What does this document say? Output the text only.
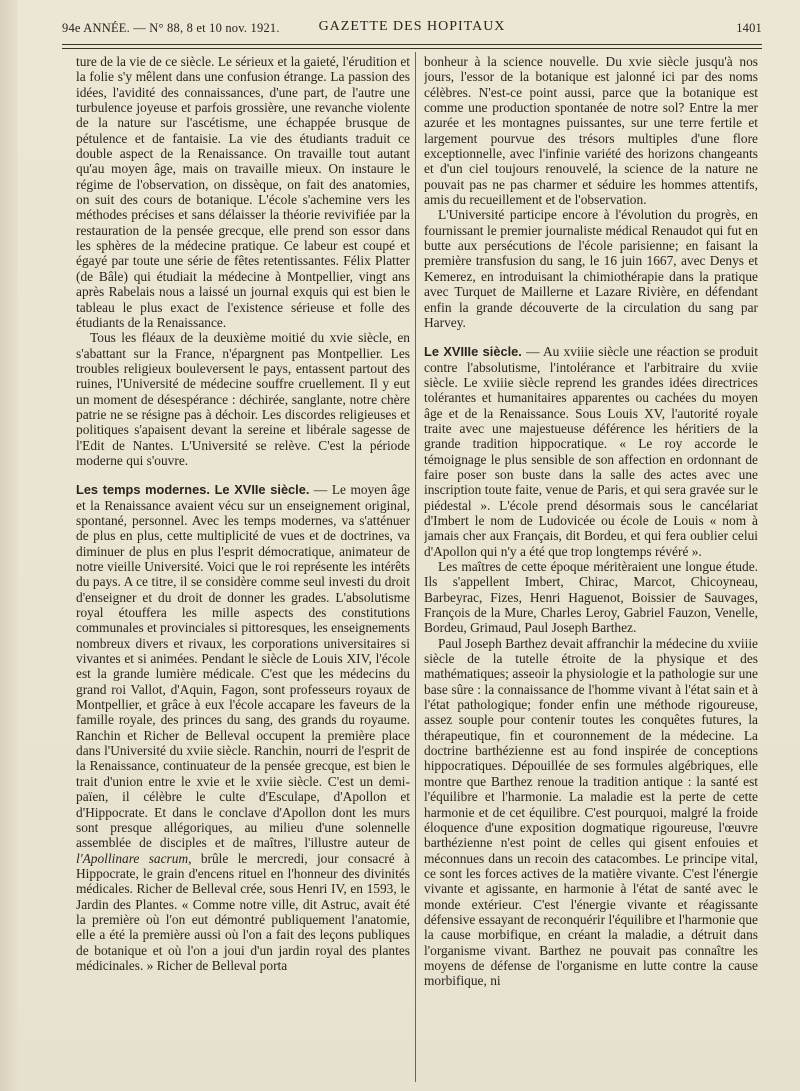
94e ANNÉE. — N° 88, 8 et 10 nov. 1921.	GAZETTE DES HOPITAUX	1401

ture de la vie de ce siècle. Le sérieux et la gaieté, l'érudition et la folie s'y mêlent dans une confusion étrange. La passion des idées, l'avidité des connaissances, d'une part, de l'autre une turbulence joyeuse et parfois grossière, une revanche violente de la nature sur l'ascétisme, une échappée brusque de pétulence et de fantaisie. La vie des étudiants traduit ce double aspect de la Renaissance. On travaille tout autant qu'au moyen âge, mais on travaille mieux. On instaure le régime de l'observation, on dissèque, on fait des anatomies, on suit des cours de botanique. L'école s'achemine vers les méthodes précises et sans délaisser la théorie revivifiée par la restauration de la pensée grecque, elle prend son essor dans les sphères de la médecine pratique. Ce labeur est coupé et égayé par toute une série de fêtes retentissantes. Félix Platter (de Bâle) qui étudiait la médecine à Montpellier, vingt ans après Rabelais nous a laissé un journal exquis qui est bien le tableau le plus exact de l'existence sérieuse et folle des étudiants de la Renaissance.

Tous les fléaux de la deuxième moitié du xvie siècle, en s'abattant sur la France, n'épargnent pas Montpellier. Les troubles religieux bouleversent le pays, entassent partout des ruines, l'Université de médecine souffre cruellement. Il y eut un moment de désespérance : déchirée, sanglante, notre chère patrie ne se résigne pas à déchoir. Les discordes religieuses et politiques s'apaisent devant la sereine et libérale sagesse de l'Edit de Nantes. L'Université se relève. C'est la période moderne qui s'ouvre.

Les temps modernes. Le XVIIe siècle. — Le moyen âge et la Renaissance avaient vécu sur un enseignement original, spontané, personnel. Avec les temps modernes, va s'atténuer de plus en plus, cette multiplicité de vues et de doctrines, va diminuer de plus en plus l'esprit démocratique, animateur de notre vieille Université. Voici que le roi représente les intérêts du pays. A ce titre, il se considère comme seul investi du droit d'enseigner et du droit de donner les grades. L'absolutisme royal étouffera les mille aspects des constitutions communales et provinciales si pittoresques, les enseignements nombreux divers et rivaux, les corporations universitaires si vivantes et si animées. Pendant le siècle de Louis XIV, l'école est la grande lumière médicale. C'est que les médecins du grand roi Vallot, d'Aquin, Fagon, sont professeurs royaux de Montpellier, et grâce à eux l'école accapare les faveurs de la famille royale, des princes du sang, des grands du royaume. Ranchin et Richer de Belleval occupent la première place dans l'Université du xviie siècle. Ranchin, nourri de l'esprit de la Renaissance, continuateur de la pensée grecque, est bien le trait d'union entre le xvie et le xviie siècle. C'est un demi-païen, il célèbre le culte d'Esculape, d'Apollon et d'Hippocrate. Et dans le conclave d'Apollon dont les murs sont presque allégoriques, au milieu d'une solennelle assemblée de disciples et de maîtres, l'illustre auteur de l'Apollinare sacrum, brûle le mercredi, jour consacré à Hippocrate, le grain d'encens rituel en l'honneur des divinités médicales. Richer de Belleval crée, sous Henri IV, en 1593, le Jardin des Plantes. « Comme notre ville, dit Astruc, avait été la première où l'on eut démontré publiquement l'anatomie, elle a été la première aussi où l'on a fait des leçons publiques de botanique et où l'on a joui d'un jardin royal des plantes médicinales. » Richer de Belleval porta

bonheur à la science nouvelle. Du xvie siècle jusqu'à nos jours, l'essor de la botanique est jalonné ici par des noms célèbres. N'est-ce point aussi, parce que la botanique est comme une production spontanée de notre sol? Entre la mer azurée et les montagnes puissantes, sur une terre fertile et largement pourvue des trésors multiples d'une flore exceptionnelle, avec l'infinie variété des horizons changeants et d'un ciel toujours renouvelé, la science de la nature ne pouvait pas ne pas charmer et séduire les hommes attentifs, amis du recueillement et de l'observation.

L'Université participe encore à l'évolution du progrès, en fournissant le premier journaliste médical Renaudot qui fut en butte aux persécutions de l'école parisienne; en faisant la première transfusion du sang, le 16 juin 1667, avec Denys et Kemerez, en introduisant la chimiothérapie dans la pratique avec Turquet de Maillerne et Lazare Rivière, en défendant enfin la grande découverte de la circulation du sang par Harvey.

Le XVIIIe siècle. — Au xviiie siècle une réaction se produit contre l'absolutisme, l'intolérance et l'arbitraire du xviie siècle. Le xviiie siècle reprend les grandes idées directrices tolérantes et humanitaires apparentes ou cachées du moyen âge et de la Renaissance. Sous Louis XV, l'autorité royale traite avec une majestueuse déférence les héritiers de la grande tradition hippocratique. « Le roy accorde le témoignage le plus sensible de son affection en ordonnant de faire poser son buste dans la salle des actes avec une inscription toute faite, venue de Paris, et qui sera gravée sur le piédestal ». L'école prend désormais sous le cancélariat d'Imbert le nom de Ludovicée ou école de Louis « nom à jamais cher aux Français, dit Bordeu, et qui fera oublier celui d'Apollon qui n'y a été que trop longtemps révéré ».

Les maîtres de cette époque méritèraient une longue étude. Ils s'appellent Imbert, Chirac, Marcot, Chicoyneau, Barbeyrac, Fizes, Henri Haguenot, Boissier de Sauvages, François de la Mure, Charles Leroy, Gabriel Fauzon, Venelle, Bordeu, Grimaud, Paul Joseph Barthez.

Paul Joseph Barthez devait affranchir la médecine du xviiie siècle de la tutelle étroite de la physique et des mathématiques; asseoir la physiologie et la pathologie sur une base sûre : la connaissance de l'homme vivant à l'état sain et à l'état pathologique; fonder enfin une méthode rigoureuse, assez souple pour contenir toutes les conquêtes futures, la thérapeutique, fin et couronnement de la médecine. La doctrine barthézienne est au fond inspirée de conceptions hippocratiques. Dépouillée de ses formules algébriques, elle montre que Barthez renoue la tradition antique : la santé est l'équilibre et l'harmonie. La maladie est la perte de cette harmonie et de cet équilibre. C'est pourquoi, malgré la froide éloquence d'une exposition dogmatique rigoureuse, l'œuvre barthézienne n'est point de celles qui gisent enfouies et méconnues dans un recoin des catacombes. Le principe vital, ce sont les forces actives de la matière vivante. C'est l'énergie vivante et agissante, en harmonie à l'état de santé avec le monde extérieur. C'est l'énergie vivante et réagissante défensive essayant de reconquérir l'équilibre et l'harmonie que la cause morbifique, en créant la maladie, a détruit dans l'organisme vivant. Barthez ne pouvait pas connaître les moyens de défense de l'organisme en lutte contre la cause morbifique, ni
